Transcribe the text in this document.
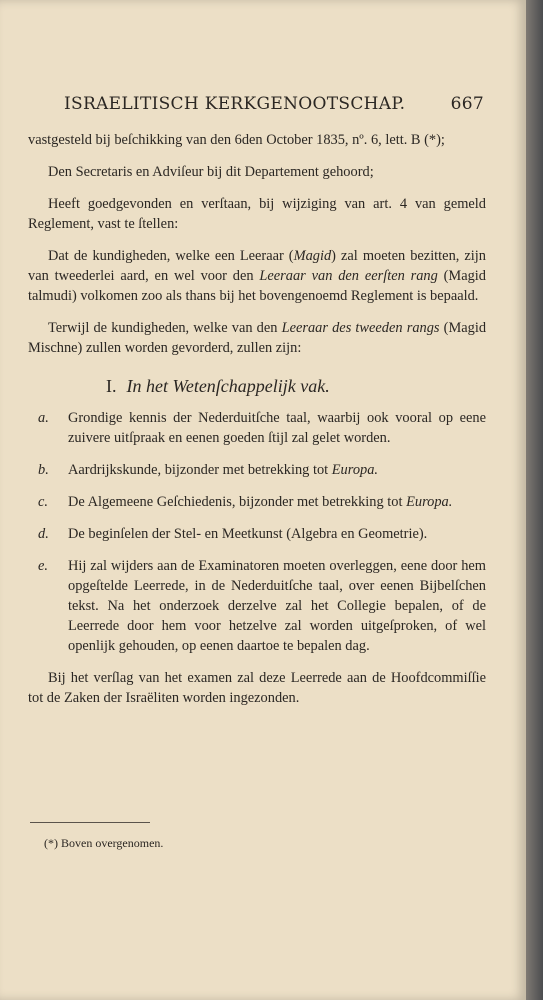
ISRAELITISCH KERKGENOOTSCHAP.	667

vastgesteld bij beſchikking van den 6den October 1835, nº. 6, lett. B (*);

Den Secretaris en Adviſeur bij dit Departement gehoord;

Heeft goedgevonden en verſtaan, bij wijziging van art. 4 van gemeld Reglement, vast te ſtellen:

Dat de kundigheden, welke een Leeraar (Magid) zal moeten bezitten, zijn van tweederlei aard, en wel voor den Leeraar van den eerſten rang (Magid talmudi) volkomen zoo als thans bij het bovengenoemd Reglement is bepaald.

Terwijl de kundigheden, welke van den Leeraar des tweeden rangs (Magid Mischne) zullen worden gevorderd, zullen zijn:

I. In het Wetenſchappelijk vak.
a. Grondige kennis der Nederduitſche taal, waarbij ook vooral op eene zuivere uitſpraak en eenen goeden ſtijl zal gelet worden.
b. Aardrijkskunde, bijzonder met betrekking tot Europa.
c. De Algemeene Geſchiedenis, bijzonder met betrekking tot Europa.
d. De beginſelen der Stel- en Meetkunst (Algebra en Geometrie).
e. Hij zal wijders aan de Examinatoren moeten overleggen, eene door hem opgeſtelde Leerrede, in de Nederduitſche taal, over eenen Bijbelſchen tekst. Na het onderzoek derzelve zal het Collegie bepalen, of de Leerrede door hem voor hetzelve zal worden uitgeſproken, of wel openlijk gehouden, op eenen daartoe te bepalen dag.

Bij het verſlag van het examen zal deze Leerrede aan de Hoofdcommiſſie tot de Zaken der Israëliten worden ingezonden.

(*) Boven overgenomen.
